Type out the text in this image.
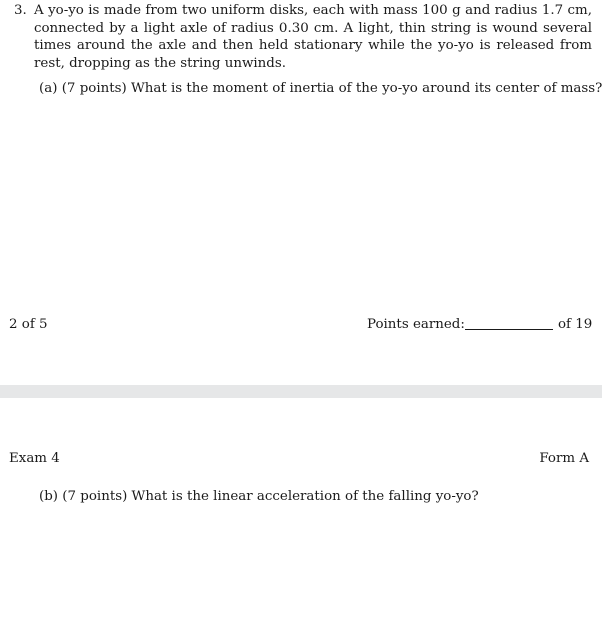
3. A yo-yo is made from two uniform disks, each with mass 100 g and radius 1.7 cm, connected by a light axle of radius 0.30 cm. A light, thin string is wound several times around the axle and then held stationary while the yo-yo is released from rest, dropping as the string unwinds.
(a) (7 points) What is the moment of inertia of the yo-yo around its center of mass?
2 of 5	Points earned:	of 19
Exam 4	Form A
(b) (7 points) What is the linear acceleration of the falling yo-yo?
